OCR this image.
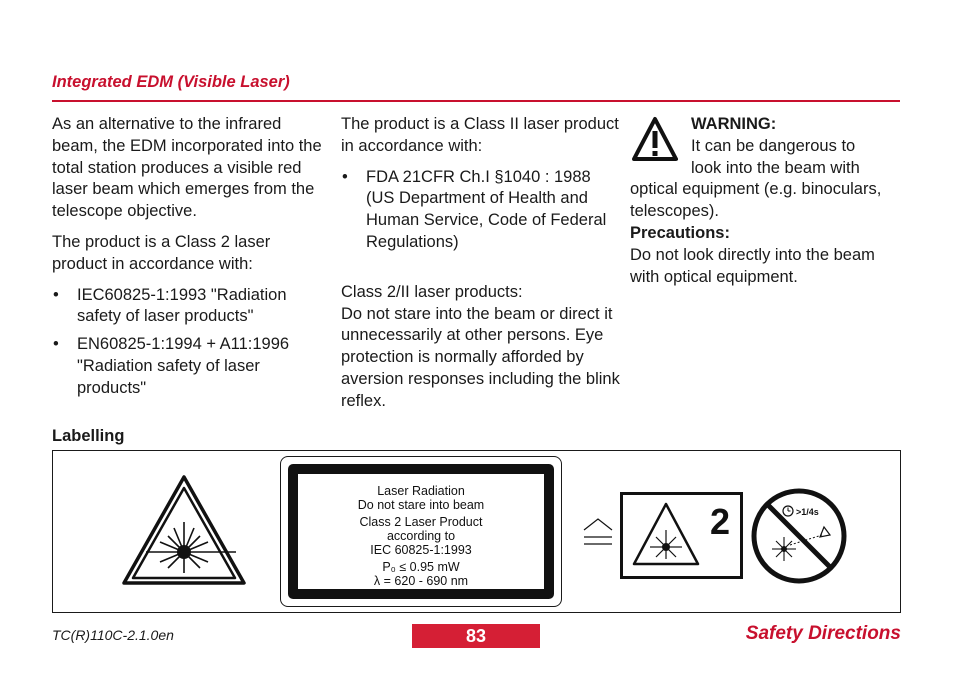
Integrated EDM (Visible Laser)

As an alternative to the infrared beam, the EDM incorporated into the total station produces a visible red laser beam which emerges from the telescope objective.

The product is a Class 2 laser product in accordance with:

• IEC60825-1:1993 "Radiation safety of laser products"

• EN60825-1:1994 + A11:1996 "Radiation safety of laser products"

Labelling

The product is a Class II laser product in accordance with:

• FDA 21CFR Ch.I §1040 : 1988 (US Department of Health and Human Service, Code of Federal Regulations)

Class 2/II laser products:

Do not stare into the beam or direct it unnecessarily at other persons. Eye protection is normally afforded by aversion responses including the blink reflex.

WARNING:

It can be dangerous to

look into the beam with

optical equipment (e.g. binoculars, telescopes).

Precautions:

Do not look directly into the beam with optical equipment.

Laser Radiation
Do not stare into beam
Class 2 Laser Product
according to
IEC 60825-1:1993
P₀ ≤ 0.95 mW
λ = 620 - 690 nm
2	>1/4s
TC(R)110C-2.1.0en	83	Safety Directions
